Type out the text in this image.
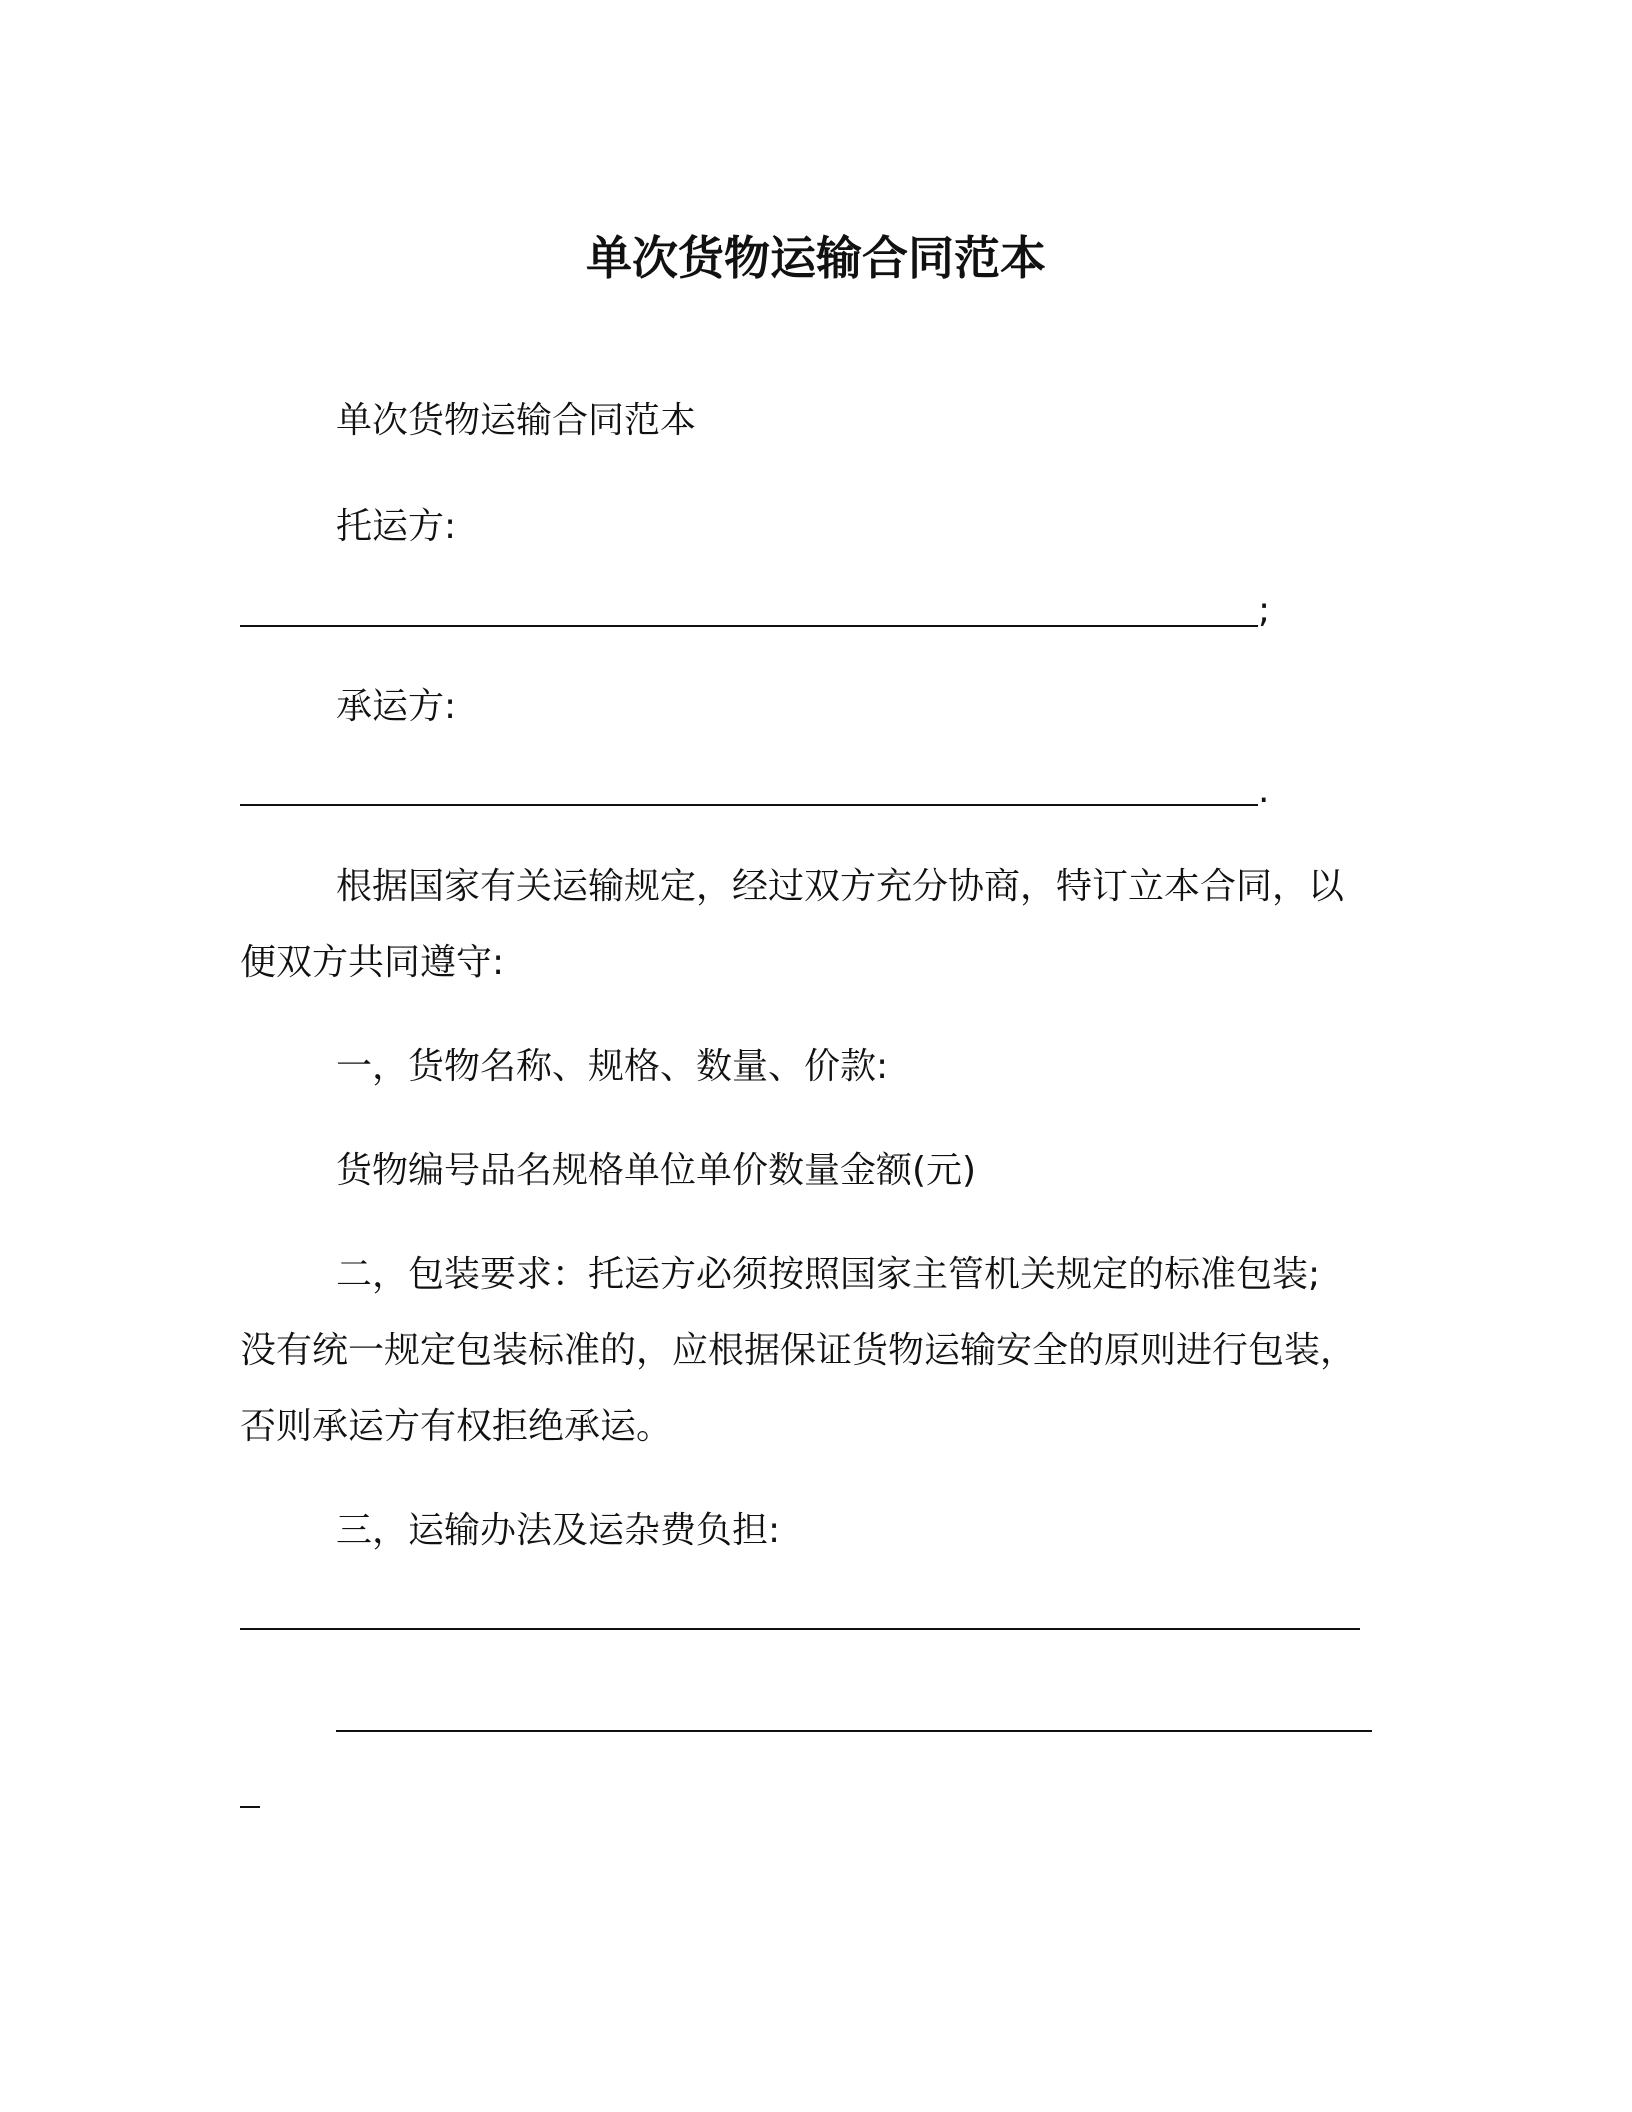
单次货物运输合同范本
单次货物运输合同范本
托运方:
;
承运方:
.
根据国家有关运输规定，经过双方充分协商，特订立本合同，以
便双方共同遵守:
一，货物名称、规格、数量、价款:
货物编号品名规格单位单价数量金额(元)
二，包装要求：托运方必须按照国家主管机关规定的标准包装;
没有统一规定包装标准的，应根据保证货物运输安全的原则进行包装，
否则承运方有权拒绝承运。
三，运输办法及运杂费负担:
